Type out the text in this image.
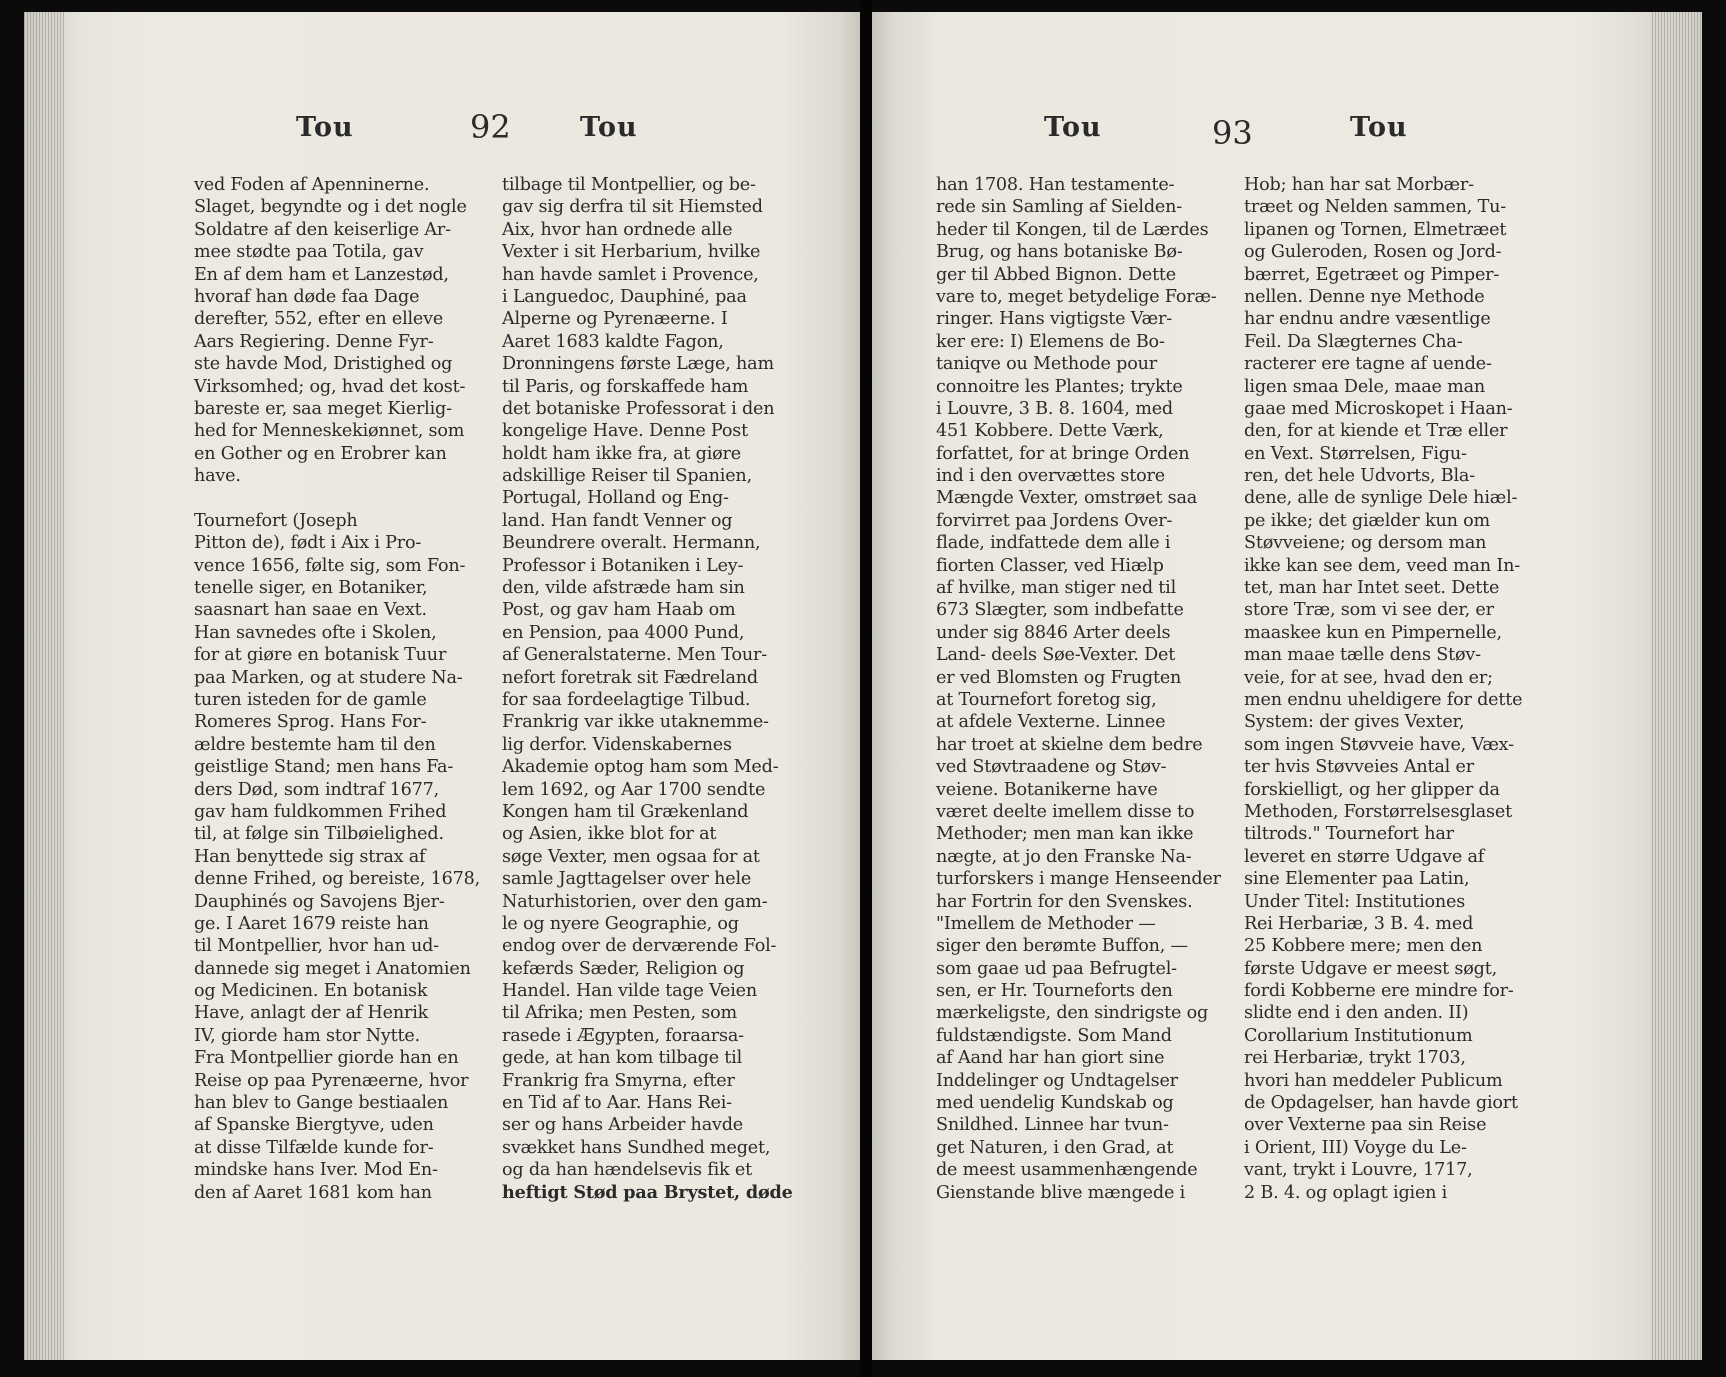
Tou	92	Tou
ved Foden af Apenninerne.
Slaget, begyndte og i det nogle
Soldatre af den keiserlige Ar-
mee stødte paa Totila, gav
En af dem ham et Lanzestød,
hvoraf han døde faa Dage
derefter, 552, efter en elleve
Aars Regiering. Denne Fyr-
ste havde Mod, Dristighed og
Virksomhed; og, hvad det kost-
bareste er, saa meget Kierlig-
hed for Menneskekiønnet, som
en Gother og en Erobrer kan
have.
Tournefort (Joseph
Pitton de), født i Aix i Pro-
vence 1656, følte sig, som Fon-
tenelle siger, en Botaniker,
saasnart han saae en Vext.
Han savnedes ofte i Skolen,
for at giøre en botanisk Tuur
paa Marken, og at studere Na-
turen isteden for de gamle
Romeres Sprog. Hans For-
ældre bestemte ham til den
geistlige Stand; men hans Fa-
ders Død, som indtraf 1677,
gav ham fuldkommen Frihed
til, at følge sin Tilbøielighed.
Han benyttede sig strax af
denne Frihed, og bereiste, 1678,
Dauphinés og Savojens Bjer-
ge. I Aaret 1679 reiste han
til Montpellier, hvor han ud-
dannede sig meget i Anatomien
og Medicinen. En botanisk
Have, anlagt der af Henrik
IV, giorde ham stor Nytte.
Fra Montpellier giorde han en
Reise op paa Pyrenæerne, hvor
han blev to Gange bestiaalen
af Spanske Biergtyve, uden
at disse Tilfælde kunde for-
mindske hans Iver. Mod En-
den af Aaret 1681 kom han
tilbage til Montpellier, og be-
gav sig derfra til sit Hiemsted
Aix, hvor han ordnede alle
Vexter i sit Herbarium, hvilke
han havde samlet i Provence,
i Languedoc, Dauphiné, paa
Alperne og Pyrenæerne. I
Aaret 1683 kaldte Fagon,
Dronningens første Læge, ham
til Paris, og forskaffede ham
det botaniske Professorat i den
kongelige Have. Denne Post
holdt ham ikke fra, at giøre
adskillige Reiser til Spanien,
Portugal, Holland og Eng-
land. Han fandt Venner og
Beundrere overalt. Hermann,
Professor i Botaniken i Ley-
den, vilde afstræde ham sin
Post, og gav ham Haab om
en Pension, paa 4000 Pund,
af Generalstaterne. Men Tour-
nefort foretrak sit Fædreland
for saa fordeelagtige Tilbud.
Frankrig var ikke utaknemme-
lig derfor. Videnskabernes
Akademie optog ham som Med-
lem 1692, og Aar 1700 sendte
Kongen ham til Grækenland
og Asien, ikke blot for at
søge Vexter, men ogsaa for at
samle Jagttagelser over hele
Naturhistorien, over den gam-
le og nyere Geographie, og
endog over de derværende Fol-
kefærds Sæder, Religion og
Handel. Han vilde tage Veien
til Afrika; men Pesten, som
rasede i Ægypten, foraarsa-
gede, at han kom tilbage til
Frankrig fra Smyrna, efter
en Tid af to Aar. Hans Rei-
ser og hans Arbeider havde
svækket hans Sundhed meget,
og da han hændelsevis fik et
heftigt Stød paa Brystet, døde
Tou	93	Tou
han 1708. Han testamente-
rede sin Samling af Sielden-
heder til Kongen, til de Lærdes
Brug, og hans botaniske Bø-
ger til Abbed Bignon. Dette
vare to, meget betydelige Foræ-
ringer. Hans vigtigste Vær-
ker ere: I) Elemens de Bo-
taniqve ou Methode pour
connoitre les Plantes; trykte
i Louvre, 3 B. 8. 1604, med
451 Kobbere. Dette Værk,
forfattet, for at bringe Orden
ind i den overvættes store
Mængde Vexter, omstrøet saa
forvirret paa Jordens Over-
flade, indfattede dem alle i
fiorten Classer, ved Hiælp
af hvilke, man stiger ned til
673 Slægter, som indbefatte
under sig 8846 Arter deels
Land- deels Søe-Vexter. Det
er ved Blomsten og Frugten
at Tournefort foretog sig,
at afdele Vexterne. Linnee
har troet at skielne dem bedre
ved Støvtraadene og Støv-
veiene. Botanikerne have
været deelte imellem disse to
Methoder; men man kan ikke
nægte, at jo den Franske Na-
turforskers i mange Henseender
har Fortrin for den Svenskes.
"Imellem de Methoder —
siger den berømte Buffon, —
som gaae ud paa Befrugtel-
sen, er Hr. Tourneforts den
mærkeligste, den sindrigste og
fuldstændigste. Som Mand
af Aand har han giort sine
Inddelinger og Undtagelser
med uendelig Kundskab og
Snildhed. Linnee har tvun-
get Naturen, i den Grad, at
de meest usammenhængende
Gienstande blive mængede i
Hob; han har sat Morbær-
træet og Nelden sammen, Tu-
lipanen og Tornen, Elmetræet
og Guleroden, Rosen og Jord-
bærret, Egetræet og Pimper-
nellen. Denne nye Methode
har endnu andre væsentlige
Feil. Da Slægternes Cha-
racterer ere tagne af uende-
ligen smaa Dele, maae man
gaae med Microskopet i Haan-
den, for at kiende et Træ eller
en Vext. Størrelsen, Figu-
ren, det hele Udvorts, Bla-
dene, alle de synlige Dele hiæl-
pe ikke; det giælder kun om
Støvveiene; og dersom man
ikke kan see dem, veed man In-
tet, man har Intet seet. Dette
store Træ, som vi see der, er
maaskee kun en Pimpernelle,
man maae tælle dens Støv-
veie, for at see, hvad den er;
men endnu uheldigere for dette
System: der gives Vexter,
som ingen Støvveie have, Væx-
ter hvis Støvveies Antal er
forskielligt, og her glipper da
Methoden, Forstørrelsesglaset
tiltrods." Tournefort har
leveret en større Udgave af
sine Elementer paa Latin,
Under Titel: Institutiones
Rei Herbariæ, 3 B. 4. med
25 Kobbere mere; men den
første Udgave er meest søgt,
fordi Kobberne ere mindre for-
slidte end i den anden. II)
Corollarium Institutionum
rei Herbariæ, trykt 1703,
hvori han meddeler Publicum
de Opdagelser, han havde giort
over Vexterne paa sin Reise
i Orient, III) Voyge du Le-
vant, trykt i Louvre, 1717,
2 B. 4. og oplagt igien i
